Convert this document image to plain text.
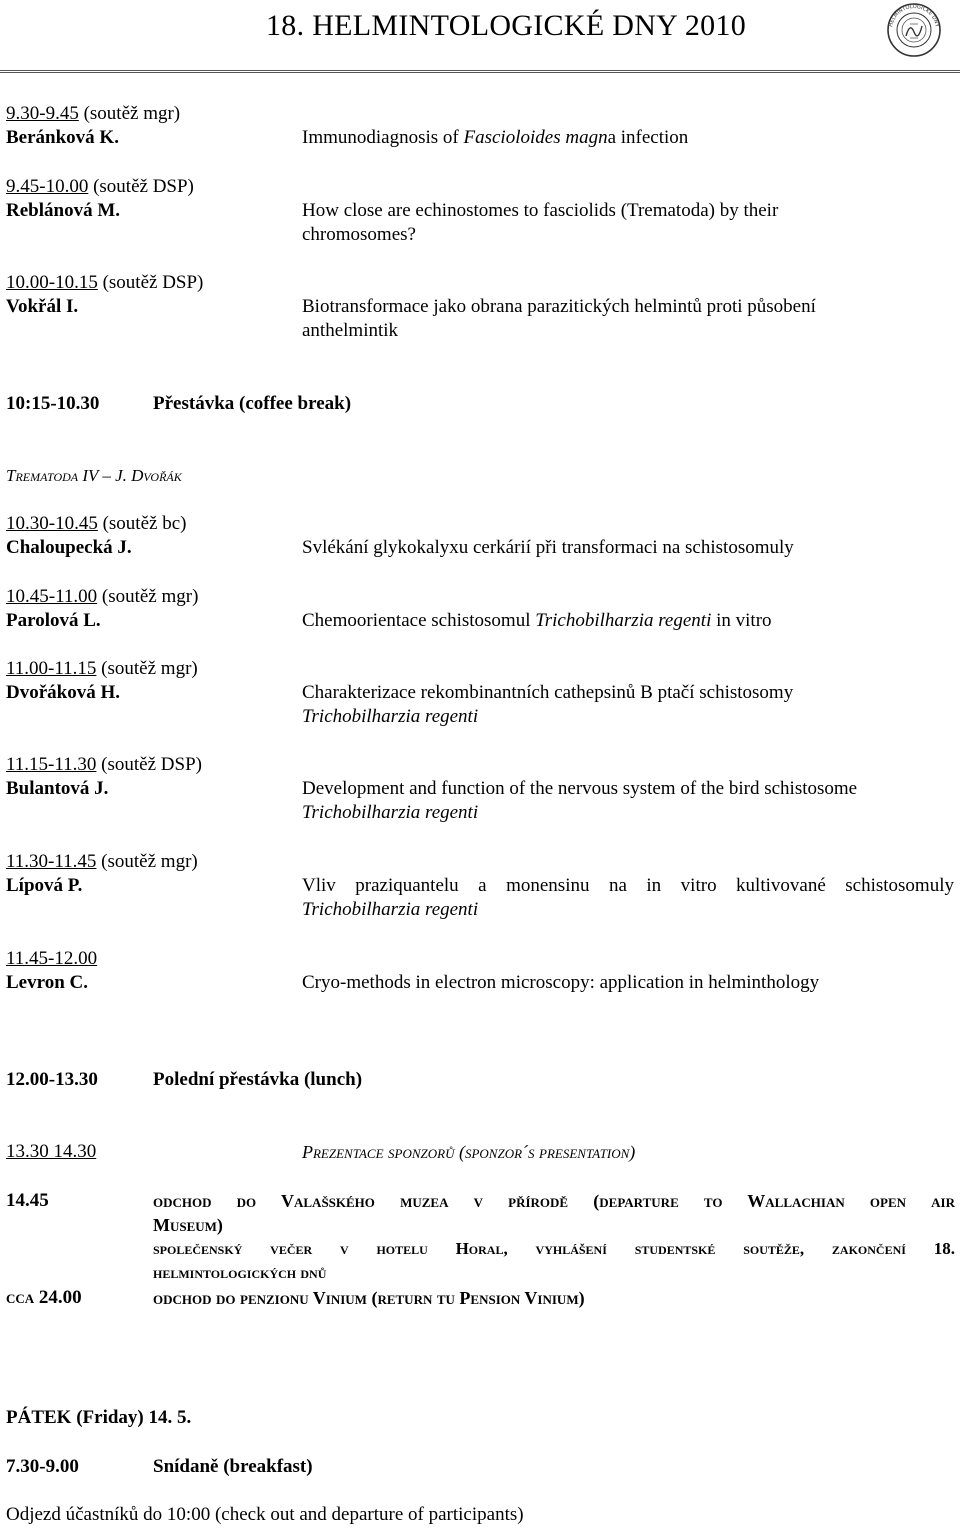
18. HELMINTOLOGICKÉ DNY 2010	HELMINTOLOGICKÉ DNY
9.30-9.45 (soutěž mgr)
Beránková K.	Immunodiagnosis of Fascioloides magna infection
9.45-10.00 (soutěž DSP)
Reblánová M.	How close are echinostomes to fasciolids (Trematoda) by their
chromosomes?
10.00-10.15 (soutěž DSP)
Vokřál I.	Biotransformace jako obrana parazitických helmintů proti působení
anthelmintik
10:15-10.30	Přestávka (coffee break)
Trematoda IV – J. Dvořák
10.30-10.45 (soutěž bc)
Chaloupecká J.	Svlékání glykokalyxu cerkárií při transformaci na schistosomuly
10.45-11.00 (soutěž mgr)
Parolová L.	Chemoorientace schistosomul Trichobilharzia regenti in vitro
11.00-11.15 (soutěž mgr)
Dvořáková H.	Charakterizace rekombinantních cathepsinů B ptačí schistosomy
Trichobilharzia regenti
11.15-11.30 (soutěž DSP)
Bulantová J.	Development and function of the nervous system of the bird schistosome
Trichobilharzia regenti
11.30-11.45 (soutěž mgr)
Lípová P.	Vliv praziquantelu a monensinu na in vitro kultivované schistosomuly
Trichobilharzia regenti
11.45-12.00
Levron C.	Cryo-methods in electron microscopy: application in helminthology
12.00-13.30	Polední přestávka (lunch)
13.30 14.30	Prezentace sponzorů (sponzor´s presentation)
14.45	odchod do Valašského muzea v přírodě (departure to Wallachian open air
Museum)
společenský večer v hotelu Horal, vyhlášení studentské soutěže, zakončení 18.
helmintologických dnů
cca 24.00	odchod do penzionu Vinium (return tu Pension Vinium)
PÁTEK (Friday) 14. 5.
7.30-9.00	Snídaně (breakfast)
Odjezd účastníků do 10:00 (check out and departure of participants)
